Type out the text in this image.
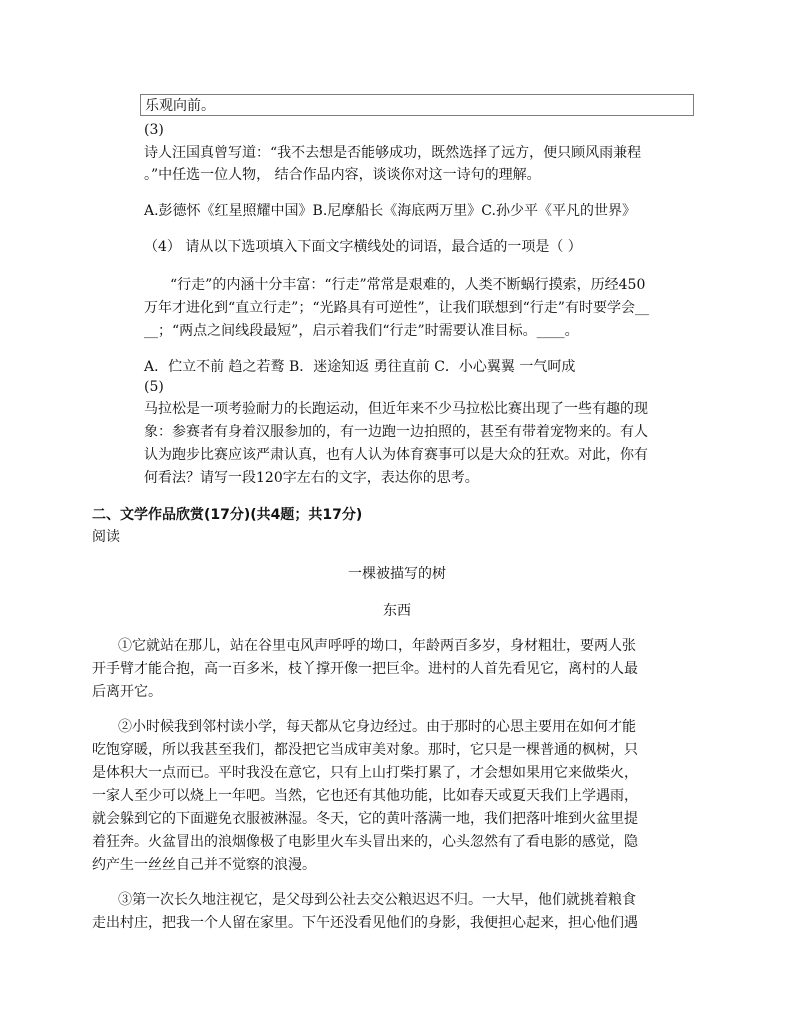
乐观向前。
(3)
诗人汪国真曾写道：“我不去想是否能够成功，既然选择了远方，便只顾风雨兼程
。”中任选一位人物， 结合作品内容，谈谈你对这一诗句的理解。
A.彭德怀《红星照耀中国》B.尼摩船长《海底两万里》C.孙少平《平凡的世界》
（4） 请从以下选项填入下面文字横线处的词语，最合适的一项是（ ）
“行走”的内涵十分丰富：“行走”常常是艰难的，人类不断蜗行摸索，历经450
万年才进化到“直立行走”；“光路具有可逆性”，让我们联想到“行走”有时要学会__
__；“两点之间线段最短”，启示着我们“行走”时需要认准目标。____。
A．伫立不前 趋之若鹜 B．迷途知返 勇往直前 C．小心翼翼 一气呵成
(5)
马拉松是一项考验耐力的长跑运动，但近年来不少马拉松比赛出现了一些有趣的现
象：参赛者有身着汉服参加的，有一边跑一边拍照的，甚至有带着宠物来的。有人
认为跑步比赛应该严肃认真，也有人认为体育赛事可以是大众的狂欢。对此，你有
何看法？请写一段120字左右的文字，表达你的思考。
二、文学作品欣赏(17分)(共4题；共17分)
阅读
一棵被描写的树
东西
①它就站在那儿，站在谷里屯风声呼呼的坳口，年龄两百多岁，身材粗壮，要两人张
开手臂才能合抱，高一百多米，枝丫撑开像一把巨伞。进村的人首先看见它，离村的人最
后离开它。
②小时候我到邻村读小学，每天都从它身边经过。由于那时的心思主要用在如何才能
吃饱穿暖，所以我甚至我们，都没把它当成审美对象。那时，它只是一棵普通的枫树，只
是体积大一点而已。平时我没在意它，只有上山打柴打累了，才会想如果用它来做柴火，
一家人至少可以烧上一年吧。当然，它也还有其他功能，比如春天或夏天我们上学遇雨，
就会躲到它的下面避免衣服被淋湿。冬天，它的黄叶落满一地，我们把落叶堆到火盆里提
着狂奔。火盆冒出的浪烟像极了电影里火车头冒出来的，心头忽然有了看电影的感觉，隐
约产生一丝丝自己并不觉察的浪漫。
③第一次长久地注视它，是父母到公社去交公粮迟迟不归。一大早，他们就挑着粮食
走出村庄，把我一个人留在家里。下午还没看见他们的身影，我便担心起来，担心他们遇
